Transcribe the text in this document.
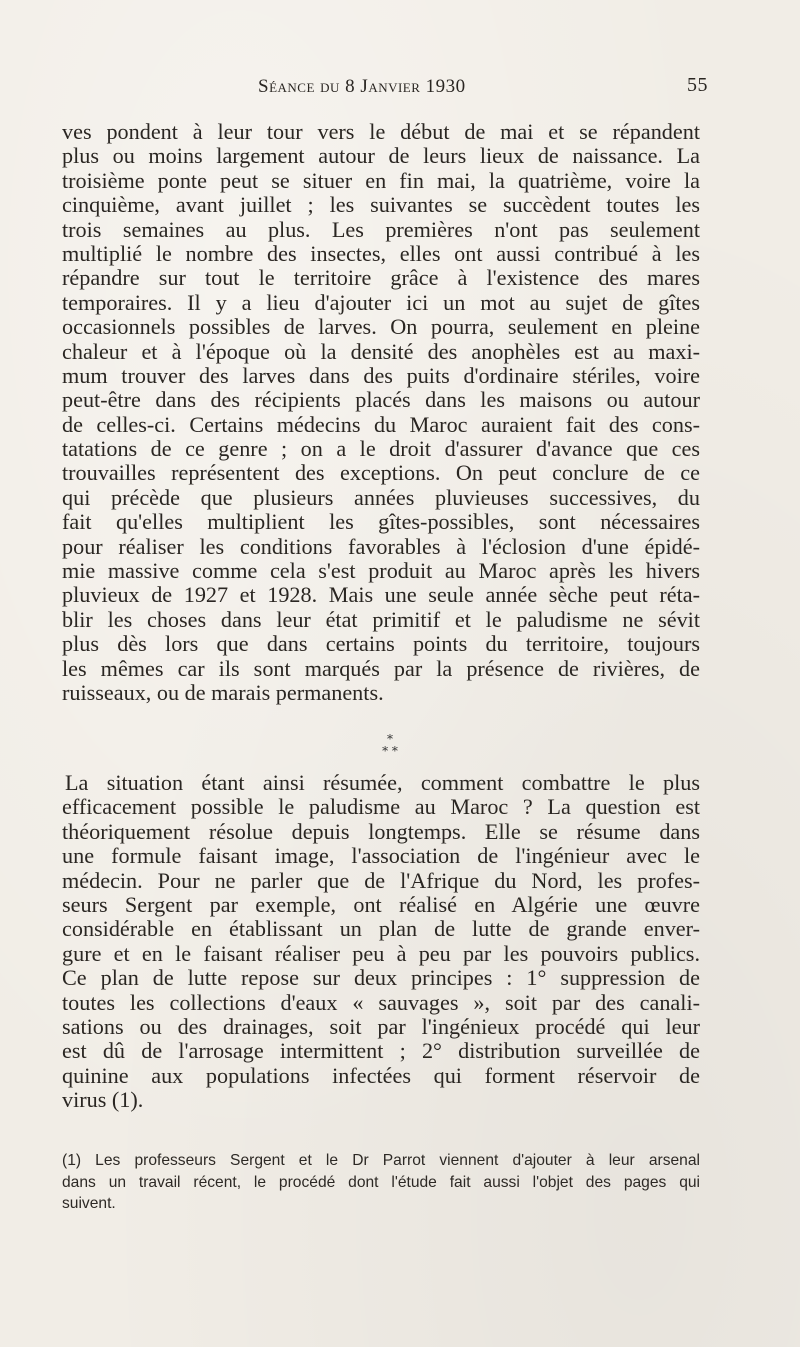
Séance du 8 Janvier 1930	55
ves pondent à leur tour vers le début de mai et se répandent
plus ou moins largement autour de leurs lieux de naissance. La
troisième ponte peut se situer en fin mai, la quatrième, voire la
cinquième, avant juillet ; les suivantes se succèdent toutes les
trois semaines au plus. Les premières n'ont pas seulement
multiplié le nombre des insectes, elles ont aussi contribué à les
répandre sur tout le territoire grâce à l'existence des mares
temporaires. Il y a lieu d'ajouter ici un mot au sujet de gîtes
occasionnels possibles de larves. On pourra, seulement en pleine
chaleur et à l'époque où la densité des anophèles est au maxi-
mum trouver des larves dans des puits d'ordinaire stériles, voire
peut-être dans des récipients placés dans les maisons ou autour
de celles-ci. Certains médecins du Maroc auraient fait des cons-
tatations de ce genre ; on a le droit d'assurer d'avance que ces
trouvailles représentent des exceptions. On peut conclure de ce
qui précède que plusieurs années pluvieuses successives, du
fait qu'elles multiplient les gîtes-possibles, sont nécessaires
pour réaliser les conditions favorables à l'éclosion d'une épidé-
mie massive comme cela s'est produit au Maroc après les hivers
pluvieux de 1927 et 1928. Mais une seule année sèche peut réta-
blir les choses dans leur état primitif et le paludisme ne sévit
plus dès lors que dans certains points du territoire, toujours
les mêmes car ils sont marqués par la présence de rivières, de
ruisseaux, ou de marais permanents.
*
* *
La situation étant ainsi résumée, comment combattre le plus
efficacement possible le paludisme au Maroc ? La question est
théoriquement résolue depuis longtemps. Elle se résume dans
une formule faisant image, l'association de l'ingénieur avec le
médecin. Pour ne parler que de l'Afrique du Nord, les profes-
seurs Sergent par exemple, ont réalisé en Algérie une œuvre
considérable en établissant un plan de lutte de grande enver-
gure et en le faisant réaliser peu à peu par les pouvoirs publics.
Ce plan de lutte repose sur deux principes : 1° suppression de
toutes les collections d'eaux « sauvages », soit par des canali-
sations ou des drainages, soit par l'ingénieux procédé qui leur
est dû de l'arrosage intermittent ; 2° distribution surveillée de
quinine aux populations infectées qui forment réservoir de
virus (1).
(1) Les professeurs Sergent et le Dr Parrot viennent d'ajouter à leur arsenal
dans un travail récent, le procédé dont l'étude fait aussi l'objet des pages qui
suivent.
